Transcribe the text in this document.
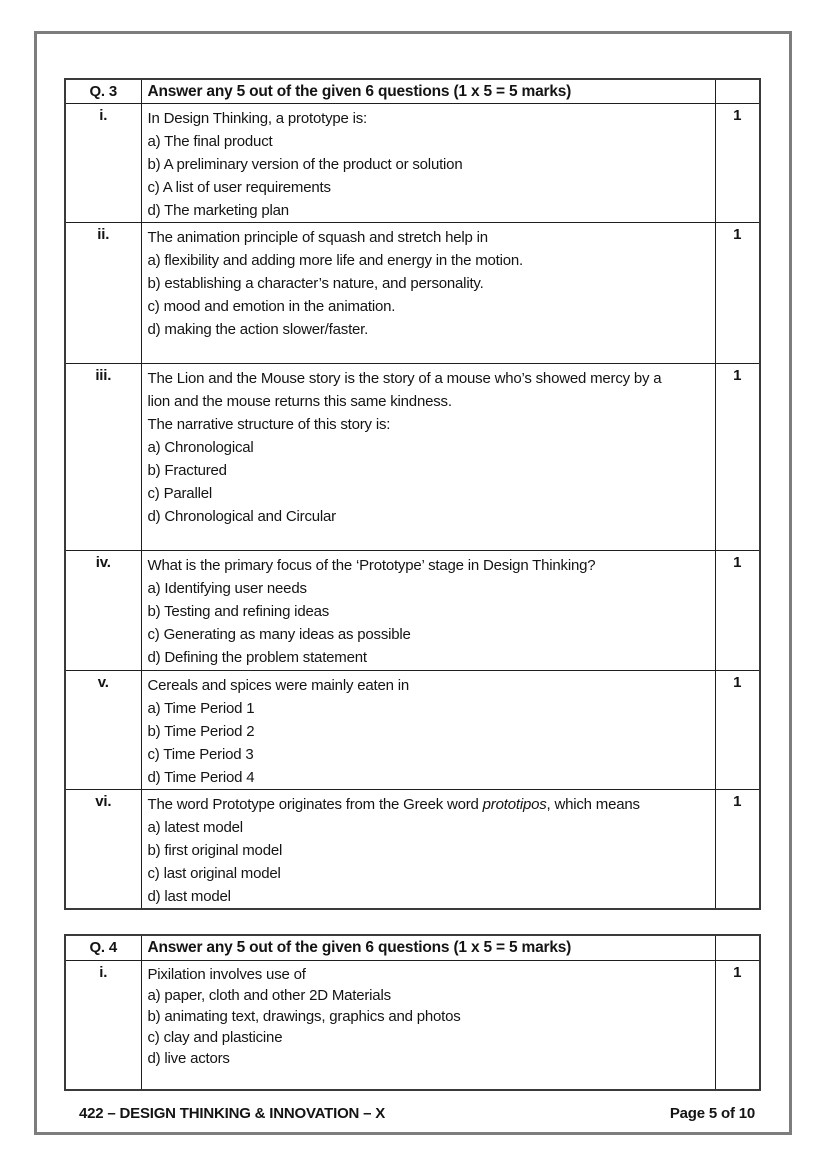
Q. 3	Answer any 5 out of the given 6 questions (1 x 5 = 5 marks)	
i.	In Design Thinking, a prototype is:
a) The final product
b) A preliminary version of the product or solution
c) A list of user requirements
d) The marketing plan	1
ii.	The animation principle of squash and stretch help in
a) flexibility and adding more life and energy in the motion.
b) establishing a character’s nature, and personality.
c) mood and emotion in the animation.
d) making the action slower/faster.	1
iii.	The Lion and the Mouse story is the story of a mouse who’s showed mercy by a
lion and the mouse returns this same kindness.
The narrative structure of this story is:
a) Chronological
b) Fractured
c) Parallel
d) Chronological and Circular
	1
iv.	What is the primary focus of the ‘Prototype’ stage in Design Thinking?
a) Identifying user needs
b) Testing and refining ideas
c) Generating as many ideas as possible
d) Defining the problem statement	1
v.	Cereals and spices were mainly eaten in
a) Time Period 1
b) Time Period 2
c) Time Period 3
d) Time Period 4	1
vi.	The word Prototype originates from the Greek word prototipos, which means
a) latest model
b) first original model
c) last original model
d) last model	1
Q. 4	Answer any 5 out of the given 6 questions (1 x 5 = 5 marks)	
i.	Pixilation involves use of
a) paper, cloth and other 2D Materials
b) animating text, drawings, graphics and photos
c) clay and plasticine
d) live actors	1
422 – DESIGN THINKING & INNOVATION – X	Page 5 of 10
